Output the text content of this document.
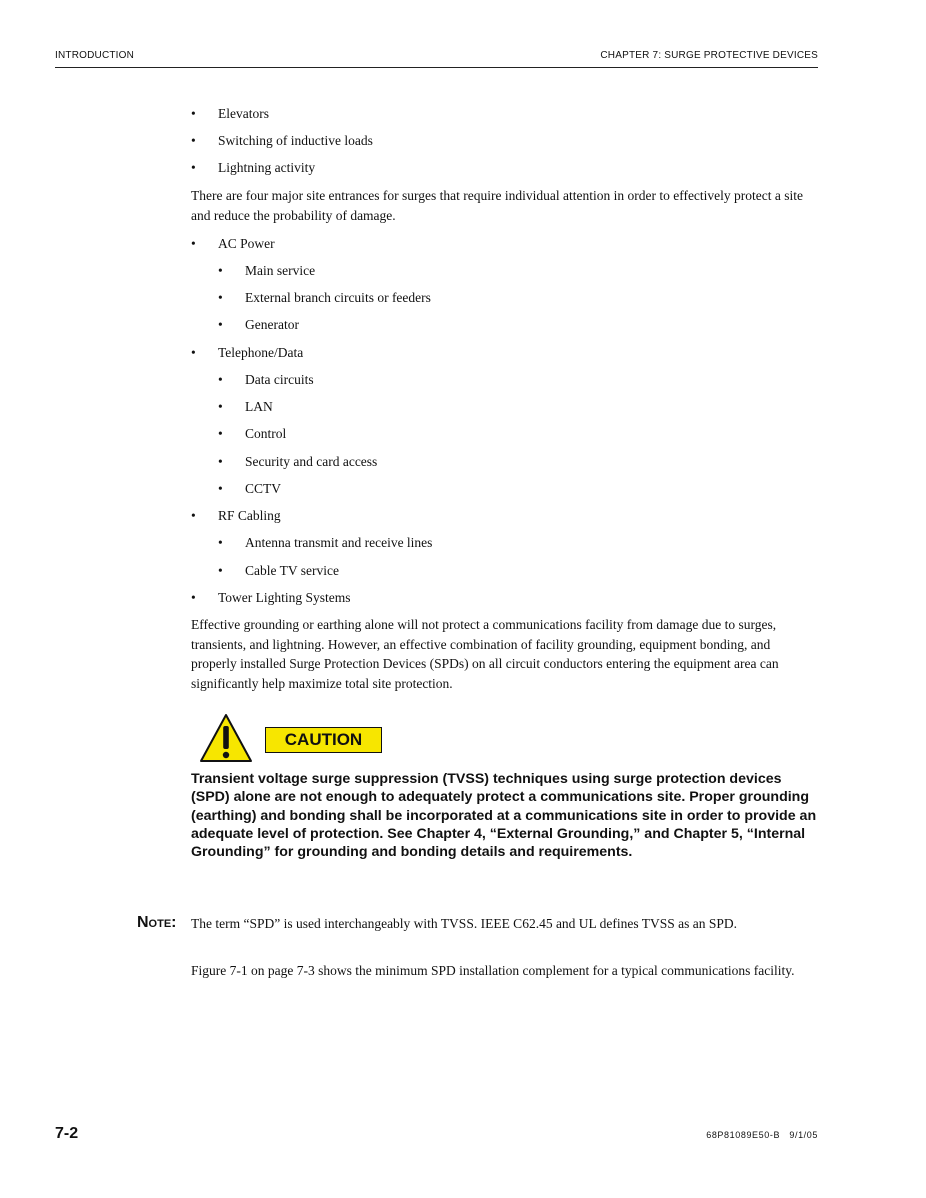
INTRODUCTION	CHAPTER 7: SURGE PROTECTIVE DEVICES
• Elevators
• Switching of inductive loads
• Lightning activity
There are four major site entrances for surges that require individual attention in order to effectively protect a site and reduce the probability of damage.
• AC Power
• Main service
• External branch circuits or feeders
• Generator
• Telephone/Data
• Data circuits
• LAN
• Control
• Security and card access
• CCTV
• RF Cabling
• Antenna transmit and receive lines
• Cable TV service
• Tower Lighting Systems
Effective grounding or earthing alone will not protect a communications facility from damage due to surges, transients, and lightning. However, an effective combination of facility grounding, equipment bonding, and properly installed Surge Protection Devices (SPDs) on all circuit conductors entering the equipment area can significantly help maximize total site protection.
CAUTION
Transient voltage surge suppression (TVSS) techniques using surge protection devices (SPD) alone are not enough to adequately protect a communications site. Proper grounding (earthing) and bonding shall be incorporated at a communications site in order to provide an adequate level of protection. See Chapter 4, “External Grounding,” and Chapter 5, “Internal Grounding” for grounding and bonding details and requirements.
Note: The term “SPD” is used interchangeably with TVSS. IEEE C62.45 and UL defines TVSS as an SPD.
Figure 7-1 on page 7-3 shows the minimum SPD installation complement for a typical communications facility.
7-2	68P81089E50-B   9/1/05
